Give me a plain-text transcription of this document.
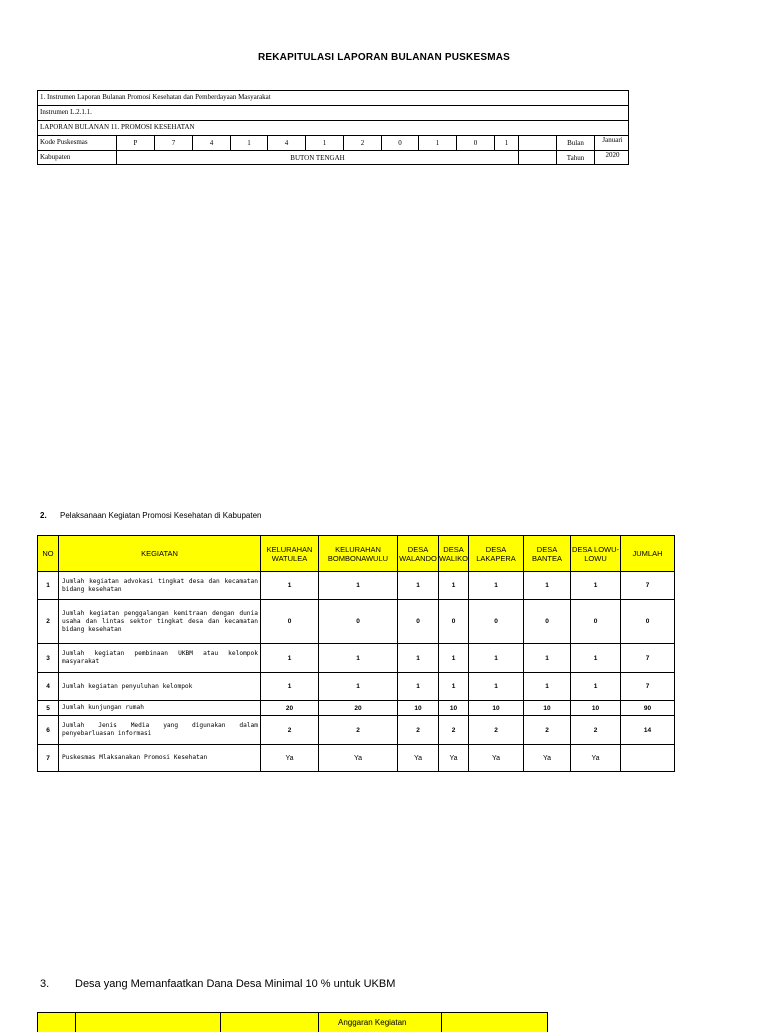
REKAPITULASI LAPORAN BULANAN PUSKESMAS
1. Instrumen Laporan Bulanan Promosi Kesehatan dan Pemberdayaan Masyarakat
Instrumen L.2.1.1.
LAPORAN BULANAN 11. PROMOSI KESEHATAN
Kode Puskesmas	P	7	4	1	4	1	2	0	1	0	1	Bulan	Januari
Kabupaten	BUTON TENGAH	Tahun	2020
2. Pelaksanaan Kegiatan Promosi Kesehatan di Kabupaten
NO	KEGIATAN	KELURAHAN WATULEA	KELURAHAN BOMBONAWULU	DESA WALANDO	DESA WALIKO	DESA LAKAPERA	DESA BANTEA	DESA LOWU-LOWU	JUMLAH
1	Jumlah kegiatan advokasi tingkat desa dan kecamatan bidang kesehatan	1	1	1	1	1	1	1	7
2	Jumlah kegiatan penggalangan kemitraan dengan dunia usaha dan lintas sektor tingkat desa dan kecamatan bidang kesehatan	0	0	0	0	0	0	0	0
3	Jumlah kegiatan pembinaan UKBM atau kelompok masyarakat	1	1	1	1	1	1	1	7
4	Jumlah kegiatan penyuluhan kelompok	1	1	1	1	1	1	1	7
5	Jumlah kunjungan rumah	20	20	10	10	10	10	10	90
6	Jumlah Jenis Media yang digunakan dalam penyebarluasan informasi	2	2	2	2	2	2	2	14
7	Puskesmas Mlaksanakan Promosi Kesehatan	Ya	Ya	Ya	Ya	Ya	Ya	Ya	
3. Desa yang Memanfaatkan Dana Desa Minimal 10 % untuk UKBM
Anggaran Kegiatan
